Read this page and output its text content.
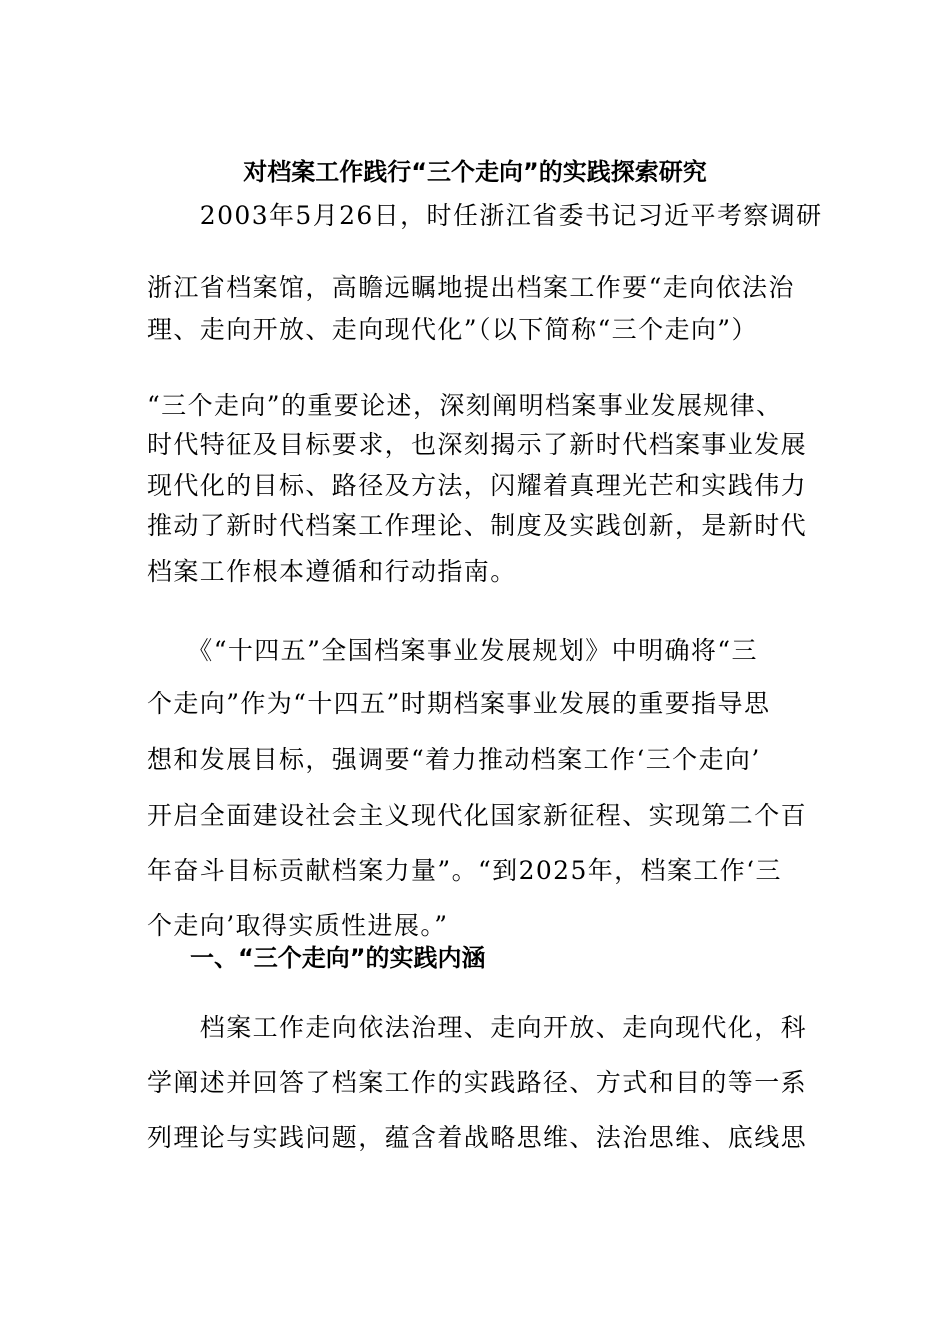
对档案工作践行“三个走向”的实践探索研究
　　2003年5月26日，时任浙江省委书记习近平考察调研
浙江省档案馆，高瞻远瞩地提出档案工作要“走向依法治
理、走向开放、走向现代化”（以下简称“三个走向”）
“三个走向”的重要论述，深刻阐明档案事业发展规律、
时代特征及目标要求，也深刻揭示了新时代档案事业发展
现代化的目标、路径及方法，闪耀着真理光芒和实践伟力
推动了新时代档案工作理论、制度及实践创新，是新时代
档案工作根本遵循和行动指南。
　　《“十四五”全国档案事业发展规划》中明确将“三
个走向”作为“十四五”时期档案事业发展的重要指导思
想和发展目标，强调要“着力推动档案工作‘三个走向’
开启全面建设社会主义现代化国家新征程、实现第二个百
年奋斗目标贡献档案力量”。“到2025年，档案工作‘三
个走向’取得实质性进展。”
一、“三个走向”的实践内涵
　　档案工作走向依法治理、走向开放、走向现代化，科
学阐述并回答了档案工作的实践路径、方式和目的等一系
列理论与实践问题，蕴含着战略思维、法治思维、底线思
